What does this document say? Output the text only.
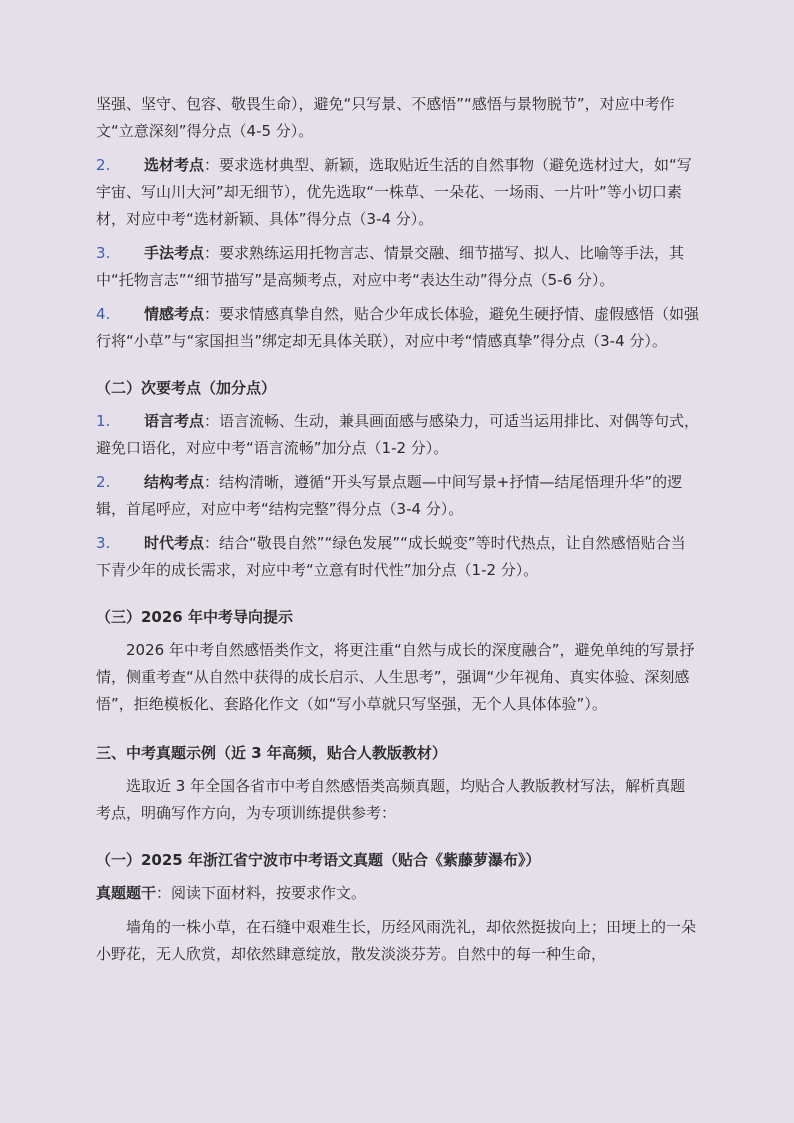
坚强、坚守、包容、敬畏生命），避免“只写景、不感悟”“感悟与景物脱节”，对应中考作文“立意深刻”得分点（4-5 分）。

2. 选材考点：要求选材典型、新颖，选取贴近生活的自然事物（避免选材过大，如“写宇宙、写山川大河”却无细节），优先选取“一株草、一朵花、一场雨、一片叶”等小切口素材，对应中考“选材新颖、具体”得分点（3-4 分）。

3. 手法考点：要求熟练运用托物言志、情景交融、细节描写、拟人、比喻等手法，其中“托物言志”“细节描写”是高频考点，对应中考“表达生动”得分点（5-6 分）。

4. 情感考点：要求情感真挚自然，贴合少年成长体验，避免生硬抒情、虚假感悟（如强行将“小草”与“家国担当”绑定却无具体关联），对应中考“情感真挚”得分点（3-4 分）。

（二）次要考点（加分点）

1. 语言考点：语言流畅、生动，兼具画面感与感染力，可适当运用排比、对偶等句式，避免口语化，对应中考“语言流畅”加分点（1-2 分）。

2. 结构考点：结构清晰，遵循“开头写景点题—中间写景+抒情—结尾悟理升华”的逻辑，首尾呼应，对应中考“结构完整”得分点（3-4 分）。

3. 时代考点：结合“敬畏自然”“绿色发展”“成长蜕变”等时代热点，让自然感悟贴合当下青少年的成长需求，对应中考“立意有时代性”加分点（1-2 分）。

（三）2026 年中考导向提示

2026 年中考自然感悟类作文，将更注重“自然与成长的深度融合”，避免单纯的写景抒情，侧重考查“从自然中获得的成长启示、人生思考”，强调“少年视角、真实体验、深刻感悟”，拒绝模板化、套路化作文（如“写小草就只写坚强，无个人具体体验”）。

三、中考真题示例（近 3 年高频，贴合人教版教材）

选取近 3 年全国各省市中考自然感悟类高频真题，均贴合人教版教材写法，解析真题考点，明确写作方向，为专项训练提供参考：

（一）2025 年浙江省宁波市中考语文真题（贴合《紫藤萝瀑布》）

真题题干：阅读下面材料，按要求作文。

墙角的一株小草，在石缝中艰难生长，历经风雨洗礼，却依然挺拔向上；田埂上的一朵小野花，无人欣赏，却依然肆意绽放，散发淡淡芬芳。自然中的每一种生命，
